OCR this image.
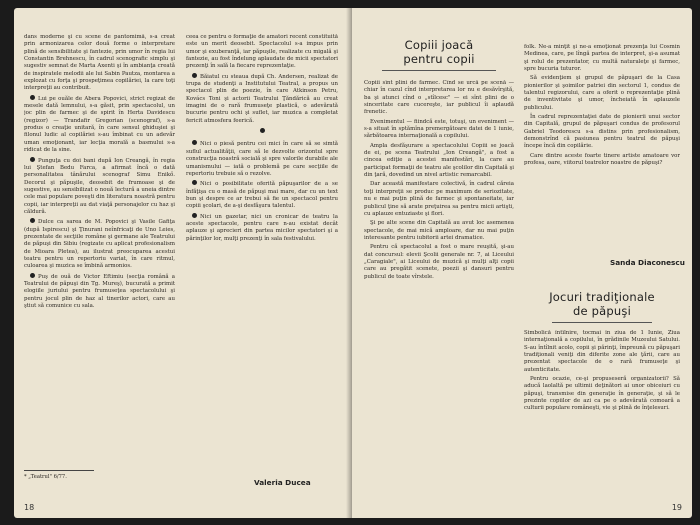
dans moderne şi cu scene de pantomimă, s-a creat prin armonizarea celor două forme o interpretare plină de sensibilitate şi fantezie, prin umor în regia lui Constantin Brehnescu, în cadrul scenografic simplu şi sugestiv semnat de Marta Axenti şi în ambianţa creată de inspiratele melodii ale lui Sabin Pautza, montarea a explozat cu forţa şi prospeţimea copilăriei, la care toţi interpreţii au contribuit.

Lui pe ouăle de Abera Popovici, strict regizat de mesele dată lemnului, s-a găsit, prin spectacolul, un joc plin de farmec şi de spirit în Herta Davidescu (regizor) — Trandafir Gregorian (scenograf), s-a produs o creaţie unitară, în care sensul ghiduşiei şi filonul ludic al copilăriei s-au îmbinat cu un adevăr uman emoţionant, iar lecţia morală a basmului s-a ridicat de la sine.

Punguţa cu doi bani după Ion Creangă, în regia lui Ştefan Bedu Farca, a afirmat încă o dată personalitatea tânărului scenograf Simu Enikő. Decorul şi păpuşile, deosebit de frumoase şi de sugestive, au sensibilizat o nouă lectură a uneia dintre cele mai populare poveşti din literatura noastră pentru copii, iar interpreţii au dat viaţă personajelor cu haz şi căldură.

Dulce ca sarea de M. Popovici şi Vasile Gafiţa (după Ispirescu) şi Ţinurani neînfricaţi de Uno Leies, prezentate de secţiile române şi germane ale Teatrului de păpuşi din Sibiu (regizate cu aplicat profesionalism de Mioara Pletea), au ilustrat preocuparea acestui teatru pentru un repertoriu variat, în care ritmul, culoarea şi muzica se îmbină armonios.

Puş de ouă de Victor Eftimiu (secţia română a Teatrului de păpuşi din Tg. Mureş), bucurată a primit elogiile juriului pentru frumuseţea spectacolului şi pentru jocul plin de haz al tinerilor actori, care au ştiut să comunice cu sala.

* „Teatrul" 6/77.

ceea ce pentru o formaţie de amatori recent constituită este un merit deosebit. Spectacolul s-a impus prin umor şi exuberanţă, iar păpuşile, realizate cu migală şi fantezie, au fost îndelung aplaudate de micii spectatori prezenţi în sală la fiecare reprezentaţie.

Băiatul cu steaua după Ch. Andersen, realizat de trupa de studenţi a Institutului Teatral, a propus un spectacol plin de poezie, în care Atkinson Petru, Kovács Toni şi actorii Teatrului Ţăndărică au creat imagini de o rară frumuseţe plastică, o adevărată bucurie pentru ochi şi suflet, iar muzica a completat fericit atmosfera feerică.

Nici o piesă pentru cei mici în care să se simtă suflul actualităţii, care să le dezvolte orizontul spre construcţia noastră socială şi spre valorile durabile ale umanismului — iată o problemă pe care secţiile de repertoriu trebuie să o rezolve.

Nici o posibilitate oferită păpuşarilor de a se înfăţişa cu o masă de păpuşi mai mare, dar cu un text bun şi despre ce ar trebui să fie un spectacol pentru copiii şcolari, de a-şi desfăşura talentul.

Nici un gazetar, nici un cronicar de teatru la aceste spectacole, pentru care n-au existat decât aplauze şi aprecieri din partea micilor spectatori şi a părinţilor lor, mulţi prezenţi în sala festivalului.

Valeria Ducea
18
Copiii joacă
pentru copii

Copiii sînt plini de farmec. Cînd se urcă pe scenă — chiar în cazul cînd interpretarea lor nu e desăvîrşită, ba şi atunci cînd o „stîlcesc" — ei sînt plini de o sinceritate care cucereşte, iar publicul îi aplaudă frenetic.

Evenimentul — fiindcă este, totuşi, un eveniment — s-a situat în sptămîna premergătoare datei de 1 iunie, sărbătoarea internaţională a copilului.

Ampla desfăşurare a spectacolului Copiii se joacă de ei, pe scena Teatrului „Ion Creangă", a fost a cincea ediţie a acestei manifestări, la care au participat formaţii de teatru ale şcolilor din Capitală şi din ţară, dovedind un nivel artistic remarcabil.

Dar această manifestare colectivă, în cadrul căreia toţi interpreţii se produc pe maximum de seriozitate, nu e mai puţin plină de farmec şi spontaneitate, iar publicul ţine să arate preţuirea sa pentru micii artişti, cu aplauze entuziaste şi flori.

Şi pe alte scene din Capitală au avut loc asemenea spectacole, de mai mică amploare, dar nu mai puţin interesante pentru iubitorii artei dramatice.

Pentru că spectacolul a fost o mare reuşită, şi-au dat concursul: elevii Şcolii generale nr. 7, ai Liceului „Caragiale", ai Liceului de muzică şi mulţi alţi copii care au pregătit scenete, poezii şi dansuri pentru publicul de toate vîrstele.

folk. Ne-a minţit şi ne-a emoţionat prezenţa lui Cosmin Medinea, care, pe lîngă partea de interpret, şi-a asumat şi rolul de prezentator, cu multă naturaleţe şi farmec, spre bucuria tuturor.

Să evidenţiem şi grupul de păpuşari de la Casa pionierilor şi şoimilor patriei din sectorul 1, condus de talentul regizorului, care a oferit o reprezentaţie plină de inventivitate şi umor, încheiată în aplauzele publicului.

În cadrul reprezentaţiei date de pionierii unui sector din Capitală, grupul de păpuşari condus de profesorul Gabriel Teodorescu s-a distins prin profesionalism, demonstrînd că pasiunea pentru teatrul de păpuşi începe încă din copilărie.

Care dintre aceste foarte tinere artiste amatoare vor profesa, oare, viitorul teatrelor noastre de păpuşi?

Sanda Diaconescu
Jocuri tradiţionale
de păpuşi

Simbolică întîlnire, tocmai în ziua de 1 Iunie, Ziua internaţională a copilului, în grădinile Muzeului Satului. S-au întîlnit acolo, copii şi părinţi, împreună cu păpuşari tradiţionali veniţi din diferite zone ale ţării, care au prezentat spectacole de o rară frumuseţe şi autenticitate.

Pentru ocazie, ce-şi propuseseră organizatorii? Să aducă laolaltă pe ultimii deţinători ai unor obiceiuri cu păpuşi, transmise din generaţie în generaţie, şi să le prezinte copiilor de azi ca pe o adevărată comoară a culturii populare româneşti, vie şi plină de înţelesuri.

19
